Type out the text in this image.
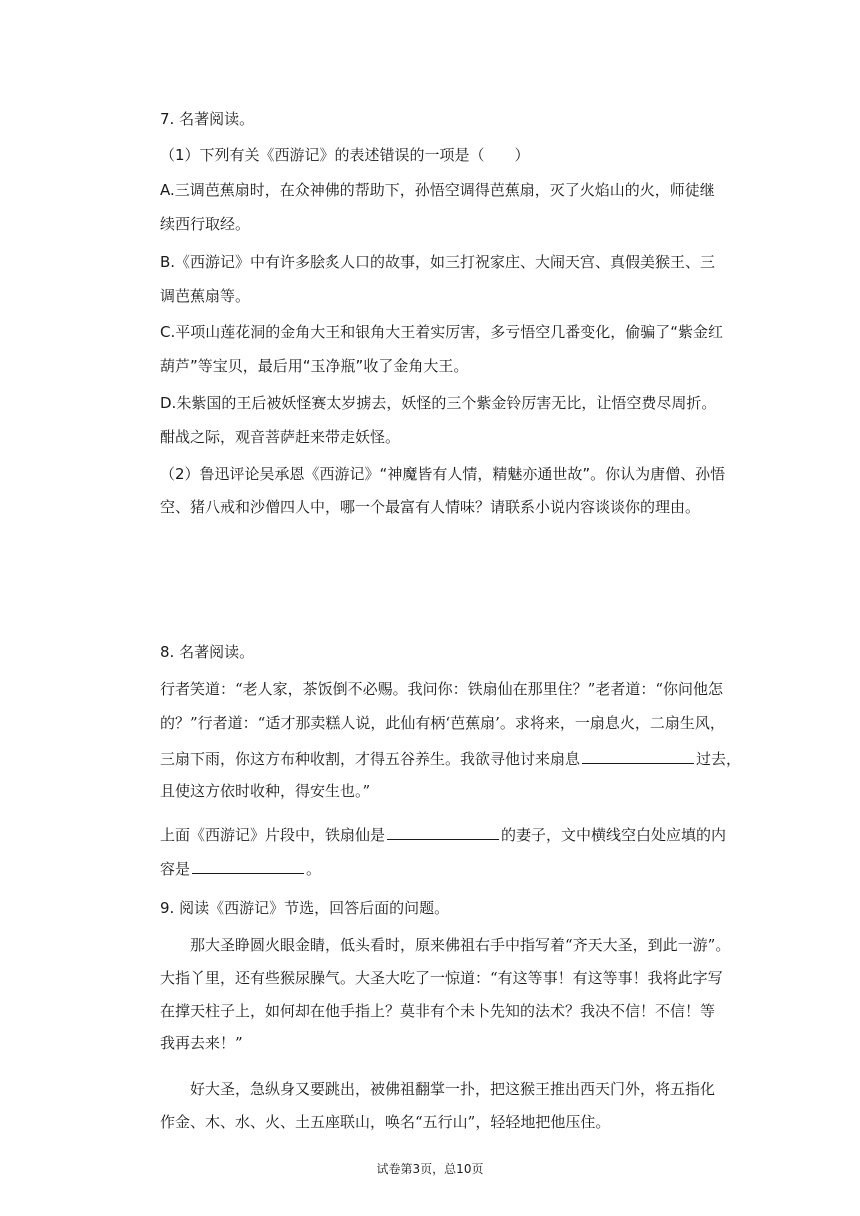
7. 名著阅读。
（1）下列有关《西游记》的表述错误的一项是（　　）
A.三调芭蕉扇时，在众神佛的帮助下，孙悟空调得芭蕉扇，灭了火焰山的火，师徒继
续西行取经。
B.《西游记》中有许多脍炙人口的故事，如三打祝家庄、大闹天宫、真假美猴王、三
调芭蕉扇等。
C.平项山莲花洞的金角大王和银角大王着实厉害，多亏悟空几番变化，偷骗了“紫金红
葫芦”等宝贝，最后用“玉净瓶”收了金角大王。
D.朱紫国的王后被妖怪赛太岁掳去，妖怪的三个紫金铃厉害无比，让悟空费尽周折。
酣战之际，观音菩萨赶来带走妖怪。
（2）鲁迅评论吴承恩《西游记》“神魔皆有人情，精魅亦通世故”。你认为唐僧、孙悟
空、猪八戒和沙僧四人中，哪一个最富有人情味？请联系小说内容谈谈你的理由。
8. 名著阅读。
行者笑道：“老人家，茶饭倒不必赐。我问你：铁扇仙在那里住？”老者道：“你问他怎
的？”行者道：“适才那卖糕人说，此仙有柄‘芭蕉扇’。求将来，一扇息火，二扇生风，
三扇下雨，你这方布种收割，才得五谷养生。我欲寻他讨来扇息	过去，
且使这方依时收种，得安生也。”
上面《西游记》片段中，铁扇仙是	的妻子，文中横线空白处应填的内
容是	。
9. 阅读《西游记》节选，回答后面的问题。
那大圣睁圆火眼金睛，低头看时，原来佛祖右手中指写着“齐天大圣，到此一游”。
大指丫里，还有些猴尿臊气。大圣大吃了一惊道：“有这等事！有这等事！我将此字写
在撑天柱子上，如何却在他手指上？莫非有个未卜先知的法术？我决不信！不信！等
我再去来！”
好大圣，急纵身又要跳出，被佛祖翻掌一扑，把这猴王推出西天门外，将五指化
作金、木、水、火、土五座联山，唤名“五行山”，轻轻地把他压住。
试卷第3页，总10页
